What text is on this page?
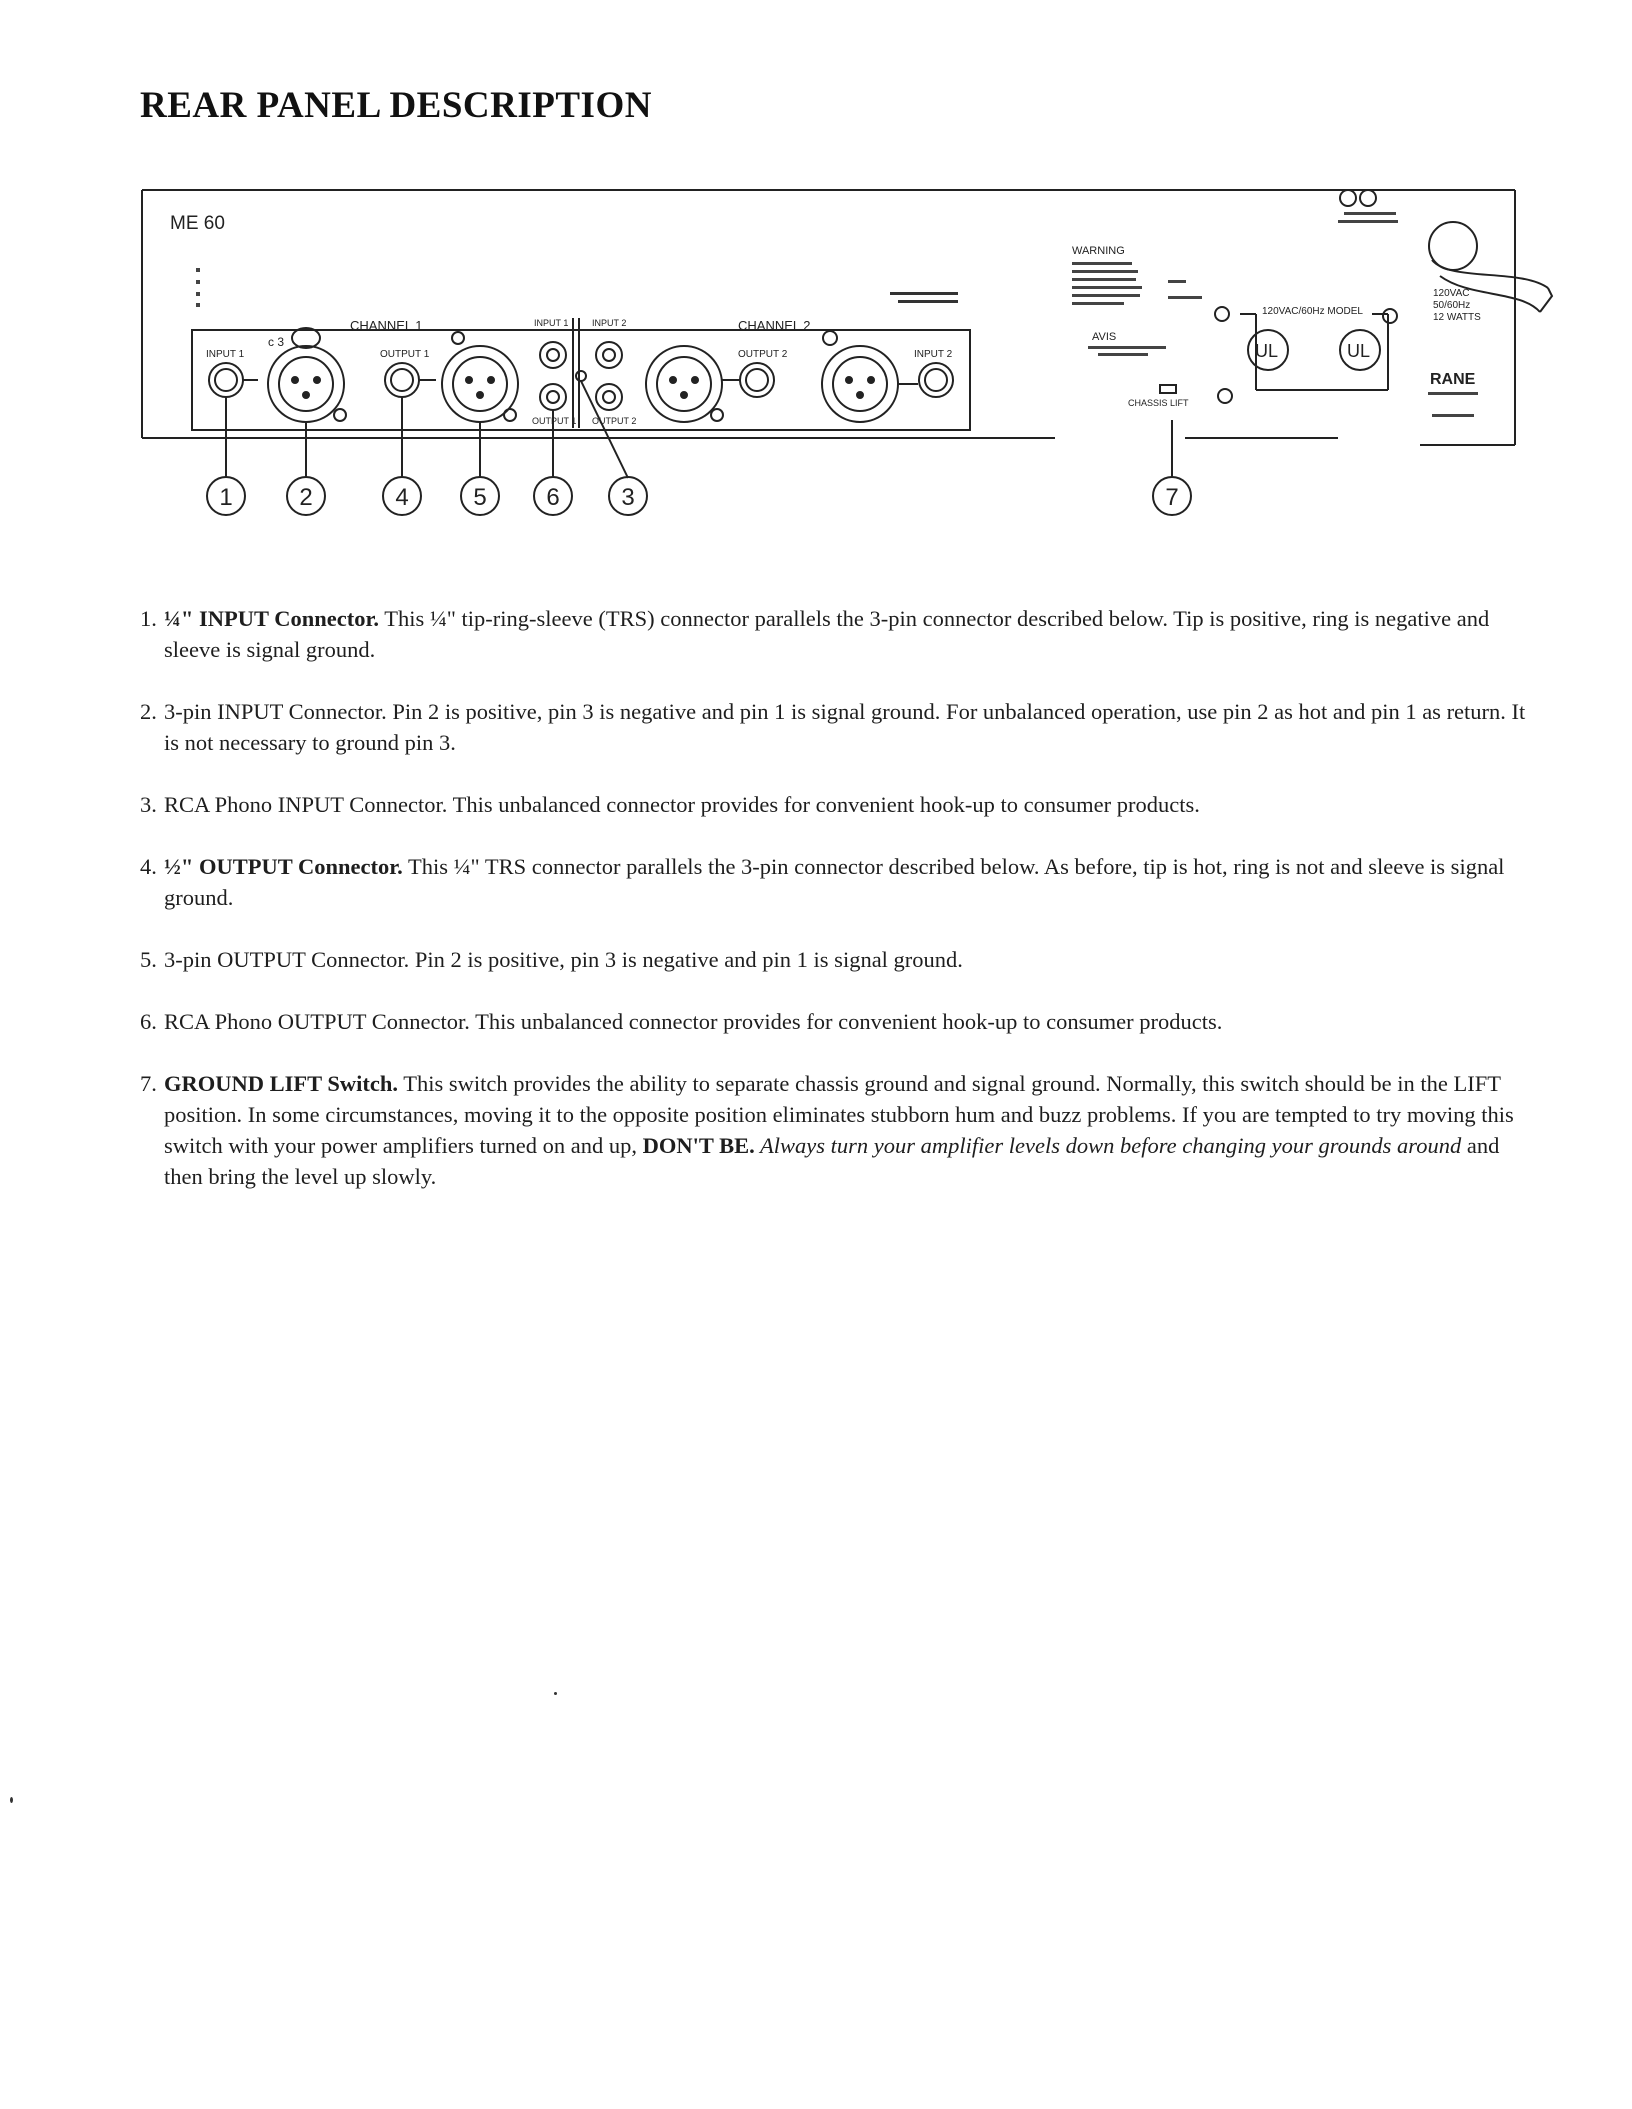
REAR PANEL DESCRIPTION
ME 60
CHANNEL 1	CHANNEL 2
INPUT 1
c 3
OUTPUT 1
INPUT 1	INPUT 2
OUTPUT 1 OUTPUT 2
OUTPUT 2	INPUT 2
WARNING
AVIS
CHASSIS LIFT
UL	UL
120VAC/60Hz MODEL
120VAC
50/60Hz
12 WATTS
RANE
1	2	4	5 6	3	7
1. ¼" INPUT Connector. This ¼" tip-ring-sleeve (TRS) connector parallels the 3-pin connector described below. Tip is positive, ring is negative and sleeve is signal ground.
2. 3-pin INPUT Connector. Pin 2 is positive, pin 3 is negative and pin 1 is signal ground. For unbalanced operation, use pin 2 as hot and pin 1 as return. It is not necessary to ground pin 3.
3. RCA Phono INPUT Connector. This unbalanced connector provides for convenient hook-up to consumer products.
4. ½" OUTPUT Connector. This ¼" TRS connector parallels the 3-pin connector described below. As before, tip is hot, ring is not and sleeve is signal ground.
5. 3-pin OUTPUT Connector. Pin 2 is positive, pin 3 is negative and pin 1 is signal ground.
6. RCA Phono OUTPUT Connector. This unbalanced connector provides for convenient hook-up to consumer products.
7. GROUND LIFT Switch. This switch provides the ability to separate chassis ground and signal ground. Normally, this switch should be in the LIFT position. In some circumstances, moving it to the opposite position eliminates stubborn hum and buzz problems. If you are tempted to try moving this switch with your power amplifiers turned on and up, DON'T BE. Always turn your amplifier levels down before changing your grounds around and then bring the level up slowly.
